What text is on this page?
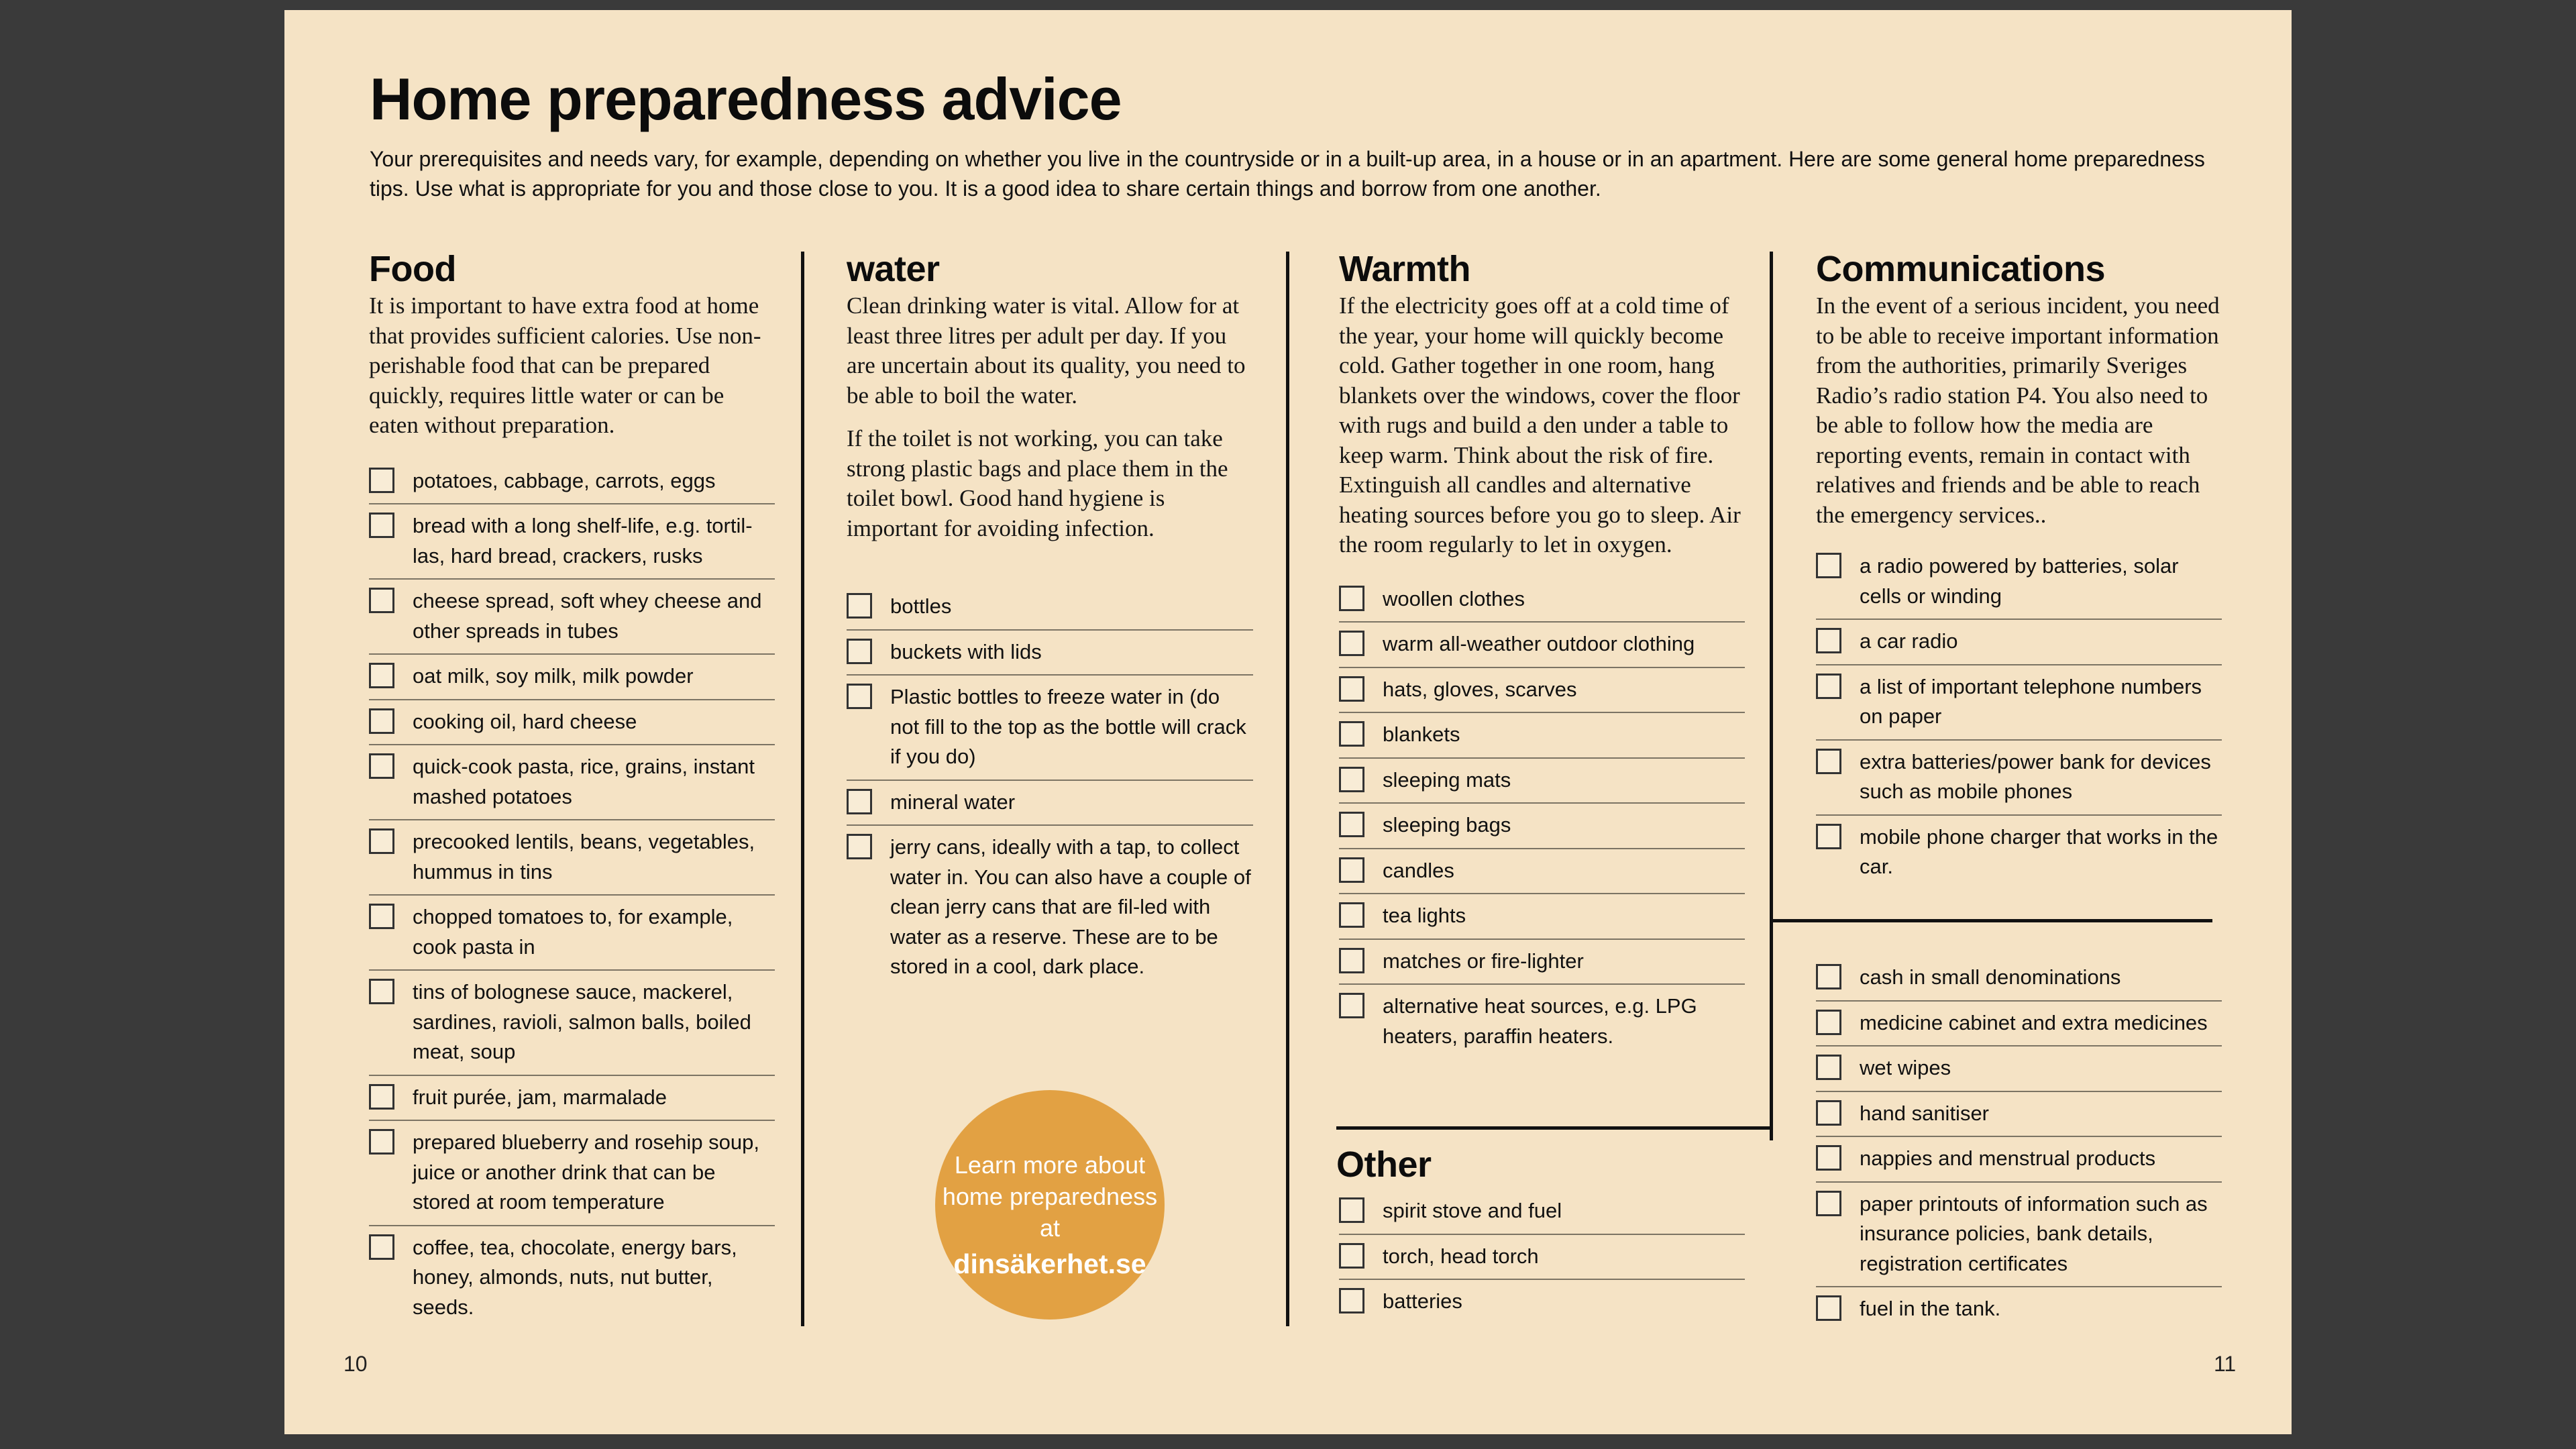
Home preparedness advice
Your prerequisites and needs vary, for example, depending on whether you live in the countryside or in a built-up area, in a house or in an apartment. Here are some general home preparedness tips. Use what is appropriate for you and those close to you. It is a good idea to share certain things and borrow from one another.
Food

It is important to have extra food at home that provides sufficient calories. Use non-perishable food that can be prepared quickly, requires little water or can be eaten without preparation.

potatoes, cabbage, carrots, eggs
bread with a long shelf-life, e.g. tortil-las, hard bread, crackers, rusks
cheese spread, soft whey cheese and other spreads in tubes
oat milk, soy milk, milk powder
cooking oil, hard cheese
quick-cook pasta, rice, grains, instant mashed potatoes
precooked lentils, beans, vegetables, hummus in tins
chopped tomatoes to, for example, cook pasta in
tins of bolognese sauce, mackerel, sardines, ravioli, salmon balls, boiled meat, soup
fruit purée, jam, marmalade
prepared blueberry and rosehip soup, juice or another drink that can be stored at room temperature
coffee, tea, chocolate, energy bars, honey, almonds, nuts, nut butter, seeds.
water

Clean drinking water is vital. Allow for at least three litres per adult per day. If you are uncertain about its quality, you need to be able to boil the water.

If the toilet is not working, you can take strong plastic bags and place them in the toilet bowl. Good hand hygiene is important for avoiding infection.

bottles
buckets with lids
Plastic bottles to freeze water in (do not fill to the top as the bottle will crack if you do)
mineral water
jerry cans, ideally with a tap, to collect water in. You can also have a couple of clean jerry cans that are fil-led with water as a reserve. These are to be stored in a cool, dark place.
Learn more about
home preparedness
at
dinsäkerhet.se
Warmth

If the electricity goes off at a cold time of the year, your home will quickly become cold. Gather together in one room, hang blankets over the windows, cover the floor with rugs and build a den under a table to keep warm. Think about the risk of fire. Extinguish all candles and alternative heating sources before you go to sleep. Air the room regularly to let in oxygen.

woollen clothes
warm all-weather outdoor clothing
hats, gloves, scarves
blankets
sleeping mats
sleeping bags
candles
tea lights
matches or fire-lighter
alternative heat sources, e.g. LPG heaters, paraffin heaters.
Other
spirit stove and fuel
torch, head torch
batteries
Communications

In the event of a serious incident, you need to be able to receive important information from the authorities, primarily Sveriges Radio’s radio station P4. You also need to be able to follow how the media are reporting events, remain in contact with relatives and friends and be able to reach the emergency services..

a radio powered by batteries, solar cells or winding
a car radio
a list of important telephone numbers on paper
extra batteries/power bank for devices such as mobile phones
mobile phone charger that works in the car.
cash in small denominations
medicine cabinet and extra medicines
wet wipes
hand sanitiser
nappies and menstrual products
paper printouts of information such as insurance policies, bank details, registration certificates
fuel in the tank.
10	11
